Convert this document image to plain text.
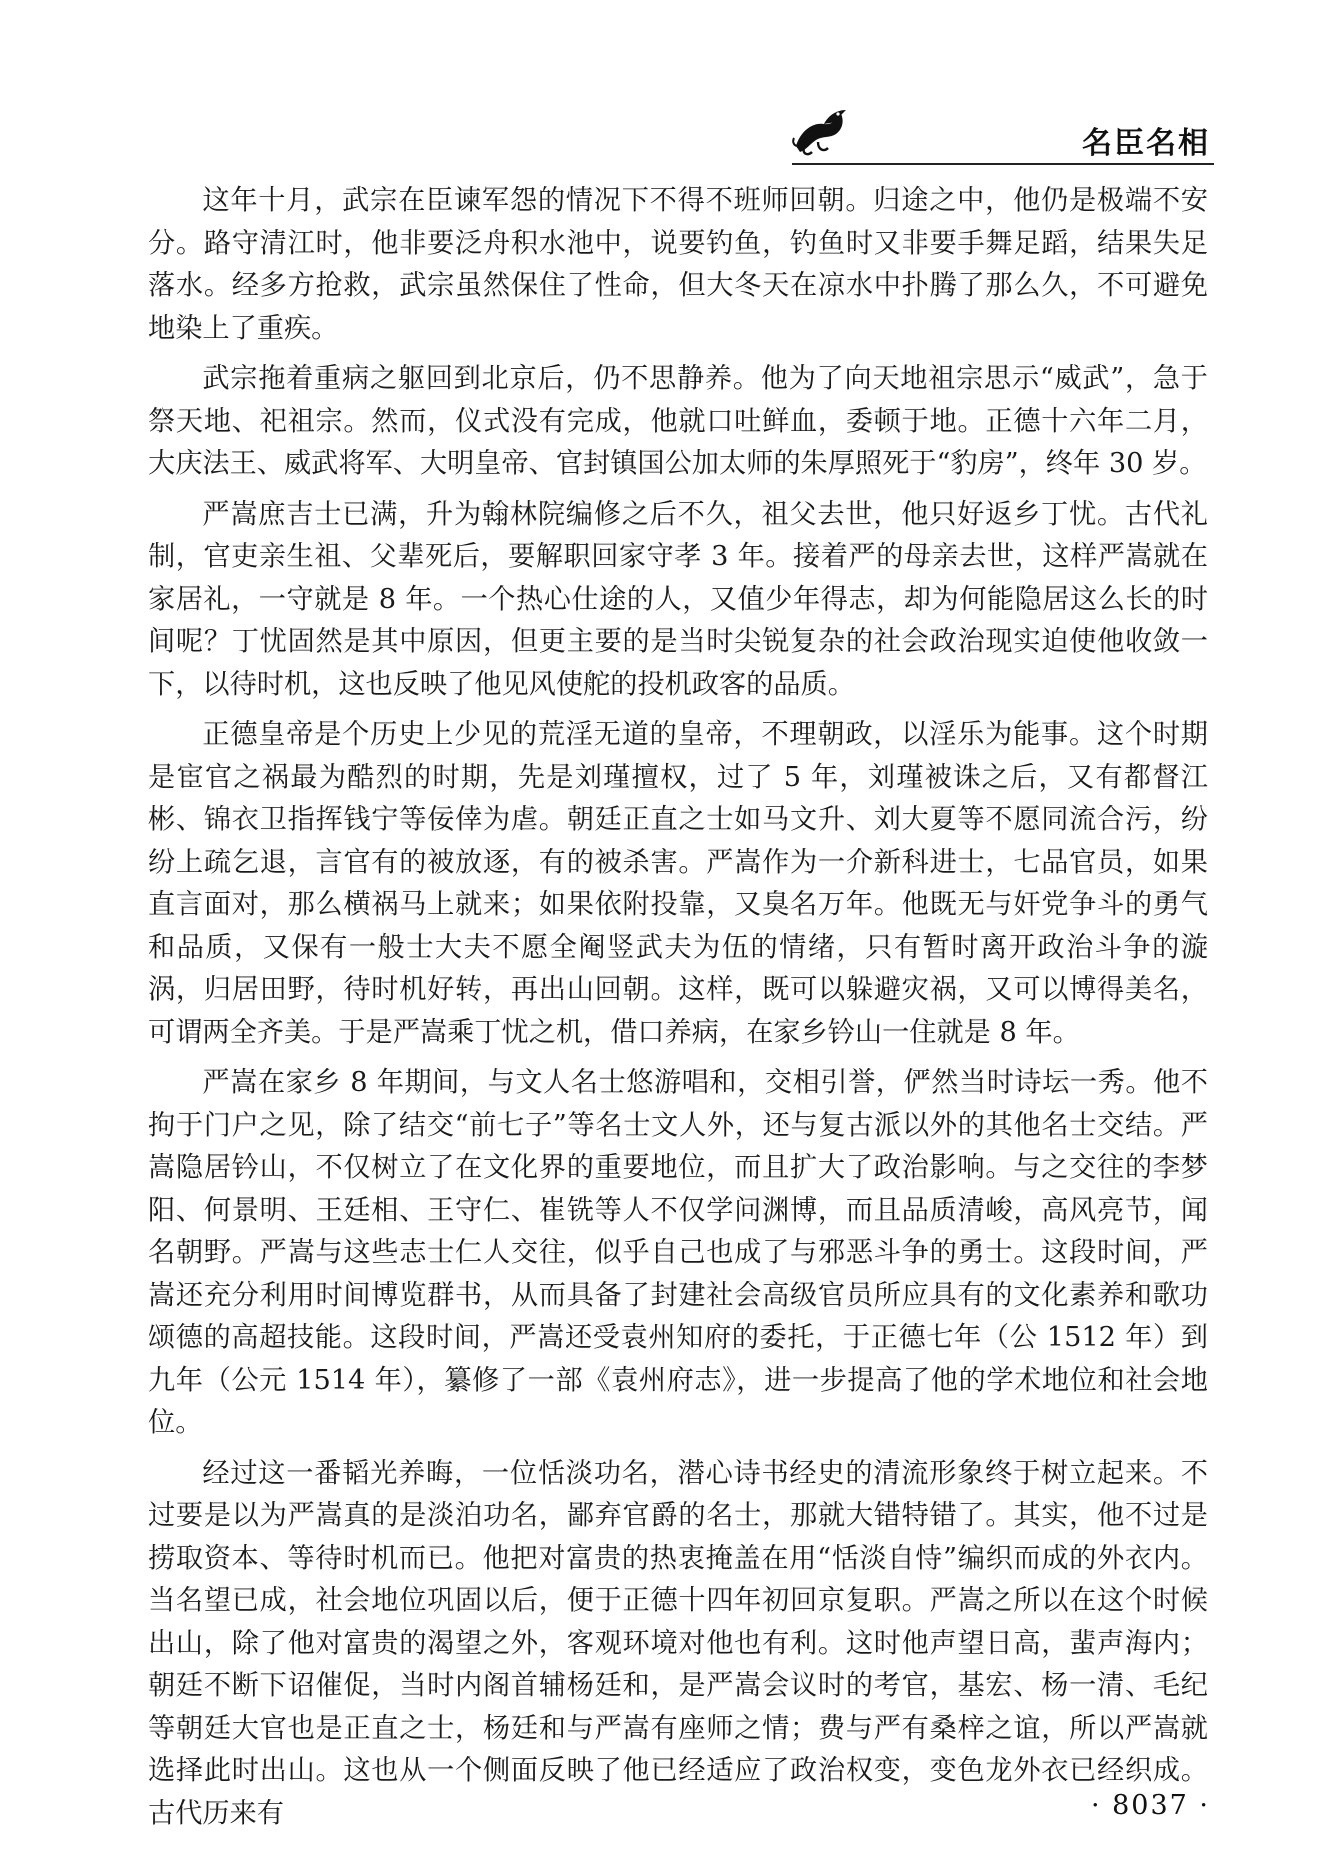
名臣名相

这年十月，武宗在臣谏军怨的情况下不得不班师回朝。归途之中，他仍是极端不安分。路守清江时，他非要泛舟积水池中，说要钓鱼，钓鱼时又非要手舞足蹈，结果失足落水。经多方抢救，武宗虽然保住了性命，但大冬天在凉水中扑腾了那么久，不可避免地染上了重疾。

武宗拖着重病之躯回到北京后，仍不思静养。他为了向天地祖宗思示“威武”，急于祭天地、祀祖宗。然而，仪式没有完成，他就口吐鲜血，委顿于地。正德十六年二月，大庆法王、威武将军、大明皇帝、官封镇国公加太师的朱厚照死于“豹房”，终年 30 岁。

严嵩庶吉士已满，升为翰林院编修之后不久，祖父去世，他只好返乡丁忧。古代礼制，官吏亲生祖、父辈死后，要解职回家守孝 3 年。接着严的母亲去世，这样严嵩就在家居礼，一守就是 8 年。一个热心仕途的人，又值少年得志，却为何能隐居这么长的时间呢？丁忧固然是其中原因，但更主要的是当时尖锐复杂的社会政治现实迫使他收敛一下，以待时机，这也反映了他见风使舵的投机政客的品质。

正德皇帝是个历史上少见的荒淫无道的皇帝，不理朝政，以淫乐为能事。这个时期是宦官之祸最为酷烈的时期，先是刘瑾擅权，过了 5 年，刘瑾被诛之后，又有都督江彬、锦衣卫指挥钱宁等佞倖为虐。朝廷正直之士如马文升、刘大夏等不愿同流合污，纷纷上疏乞退，言官有的被放逐，有的被杀害。严嵩作为一介新科进士，七品官员，如果直言面对，那么横祸马上就来；如果依附投靠，又臭名万年。他既无与奸党争斗的勇气和品质，又保有一般士大夫不愿全阉竖武夫为伍的情绪，只有暂时离开政治斗争的漩涡，归居田野，待时机好转，再出山回朝。这样，既可以躲避灾祸，又可以博得美名，可谓两全齐美。于是严嵩乘丁忧之机，借口养病，在家乡钤山一住就是 8 年。

严嵩在家乡 8 年期间，与文人名士悠游唱和，交相引誉，俨然当时诗坛一秀。他不拘于门户之见，除了结交“前七子”等名士文人外，还与复古派以外的其他名士交结。严嵩隐居钤山，不仅树立了在文化界的重要地位，而且扩大了政治影响。与之交往的李梦阳、何景明、王廷相、王守仁、崔铣等人不仅学问渊博，而且品质清峻，高风亮节，闻名朝野。严嵩与这些志士仁人交往，似乎自己也成了与邪恶斗争的勇士。这段时间，严嵩还充分利用时间博览群书，从而具备了封建社会高级官员所应具有的文化素养和歌功颂德的高超技能。这段时间，严嵩还受袁州知府的委托，于正德七年（公 1512 年）到九年（公元 1514 年），纂修了一部《袁州府志》，进一步提高了他的学术地位和社会地位。

经过这一番韬光养晦，一位恬淡功名，潜心诗书经史的清流形象终于树立起来。不过要是以为严嵩真的是淡泊功名，鄙弃官爵的名士，那就大错特错了。其实，他不过是捞取资本、等待时机而已。他把对富贵的热衷掩盖在用“恬淡自恃”编织而成的外衣内。当名望已成，社会地位巩固以后，便于正德十四年初回京复职。严嵩之所以在这个时候出山，除了他对富贵的渴望之外，客观环境对他也有利。这时他声望日高，蜚声海内；朝廷不断下诏催促，当时内阁首辅杨廷和，是严嵩会议时的考官，基宏、杨一清、毛纪等朝廷大官也是正直之士，杨廷和与严嵩有座师之情；费与严有桑梓之谊，所以严嵩就选择此时出山。这也从一个侧面反映了他已经适应了政治权变，变色龙外衣已经织成。古代历来有	· 8037 ·
